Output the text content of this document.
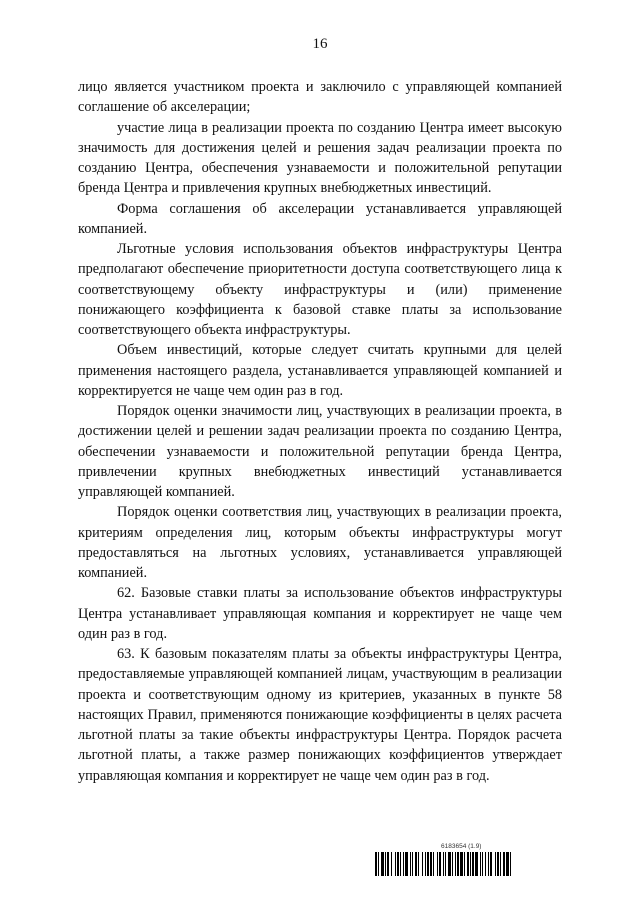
16

лицо является участником проекта и заключило с управляющей компанией соглашение об акселерации;

участие лица в реализации проекта по созданию Центра имеет высокую значимость для достижения целей и решения задач реализации проекта по созданию Центра, обеспечения узнаваемости и положительной репутации бренда Центра и привлечения крупных внебюджетных инвестиций.

Форма соглашения об акселерации устанавливается управляющей компанией.

Льготные условия использования объектов инфраструктуры Центра предполагают обеспечение приоритетности доступа соответствующего лица к соответствующему объекту инфраструктуры и (или) применение понижающего коэффициента к базовой ставке платы за использование соответствующего объекта инфраструктуры.

Объем инвестиций, которые следует считать крупными для целей применения настоящего раздела, устанавливается управляющей компанией и корректируется не чаще чем один раз в год.

Порядок оценки значимости лиц, участвующих в реализации проекта, в достижении целей и решении задач реализации проекта по созданию Центра, обеспечении узнаваемости и положительной репутации бренда Центра, привлечении крупных внебюджетных инвестиций устанавливается управляющей компанией.

Порядок оценки соответствия лиц, участвующих в реализации проекта, критериям определения лиц, которым объекты инфраструктуры могут предоставляться на льготных условиях, устанавливается управляющей компанией.

62. Базовые ставки платы за использование объектов инфраструктуры Центра устанавливает управляющая компания и корректирует не чаще чем один раз в год.

63. К базовым показателям платы за объекты инфраструктуры Центра, предоставляемые управляющей компанией лицам, участвующим в реализации проекта и соответствующим одному из критериев, указанных в пункте 58 настоящих Правил, применяются понижающие коэффициенты в целях расчета льготной платы за такие объекты инфраструктуры Центра. Порядок расчета льготной платы, а также размер понижающих коэффициентов утверждает управляющая компания и корректирует не чаще чем один раз в год.

6183654 (1.9)
